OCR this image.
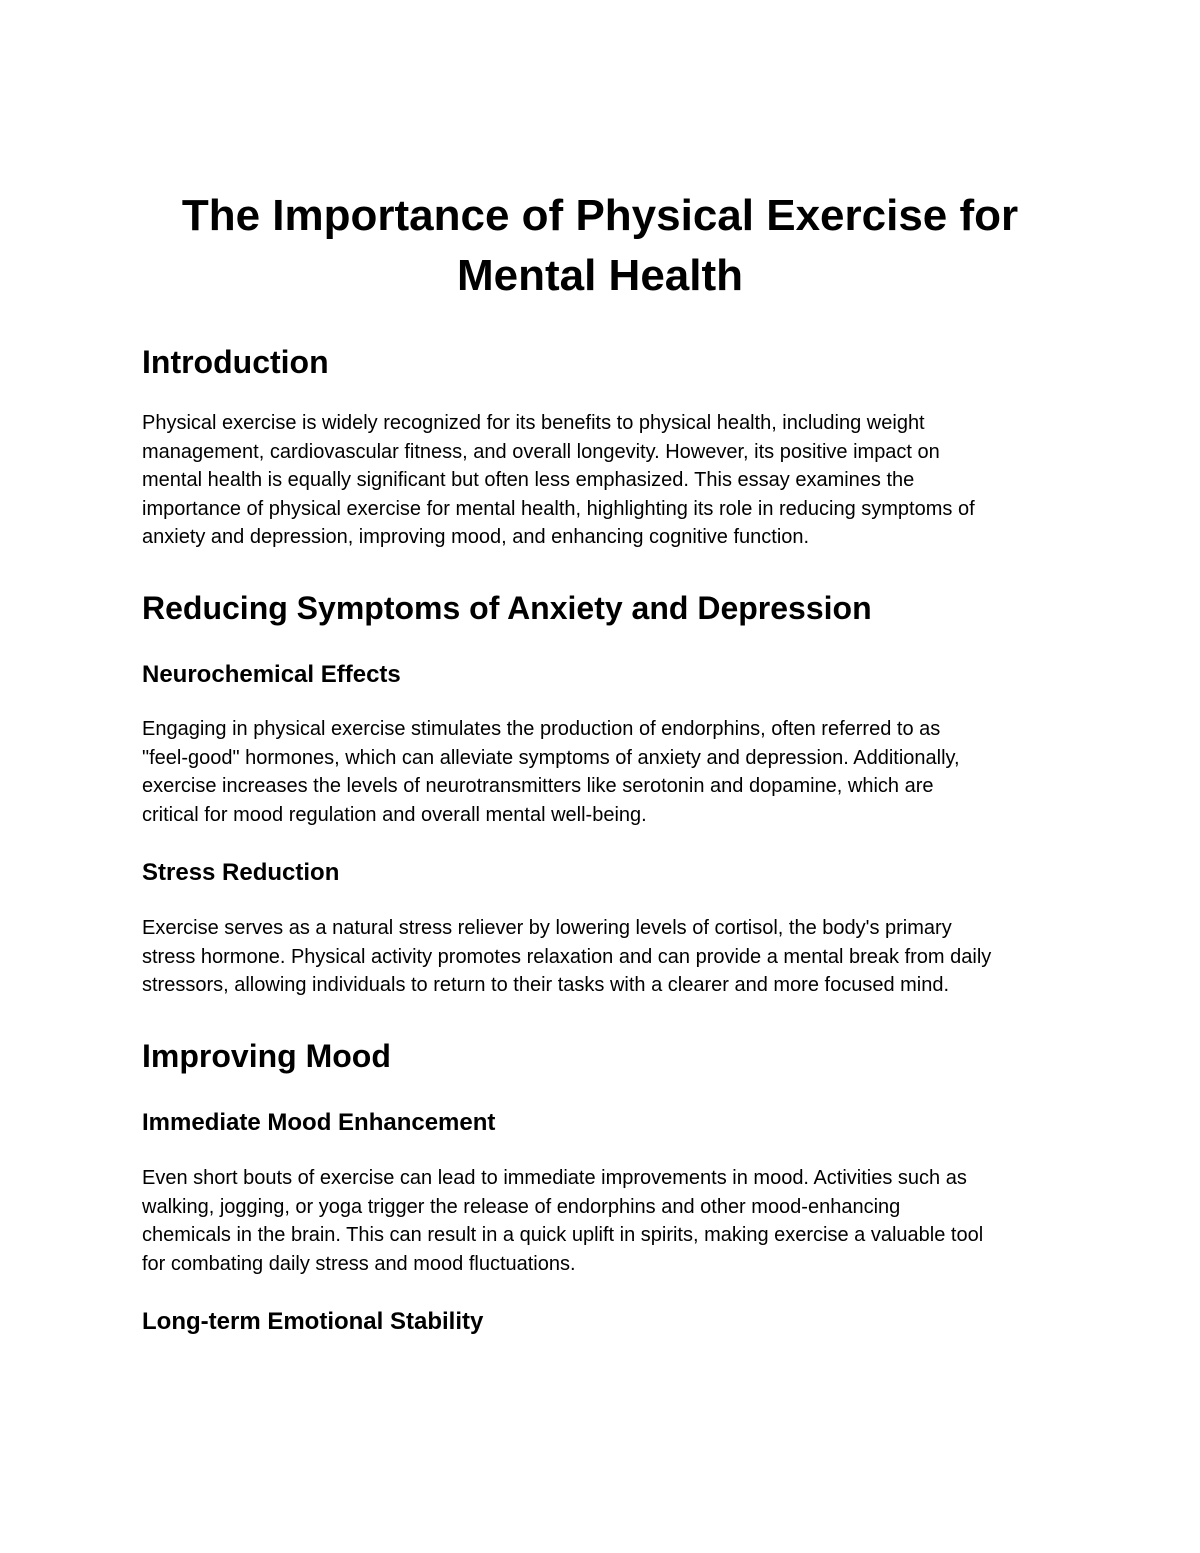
The Importance of Physical Exercise for Mental Health
Introduction

Physical exercise is widely recognized for its benefits to physical health, including weight
management, cardiovascular fitness, and overall longevity. However, its positive impact on
mental health is equally significant but often less emphasized. This essay examines the
importance of physical exercise for mental health, highlighting its role in reducing symptoms of
anxiety and depression, improving mood, and enhancing cognitive function.

Reducing Symptoms of Anxiety and Depression
Neurochemical Effects

Engaging in physical exercise stimulates the production of endorphins, often referred to as
"feel-good" hormones, which can alleviate symptoms of anxiety and depression. Additionally,
exercise increases the levels of neurotransmitters like serotonin and dopamine, which are
critical for mood regulation and overall mental well-being.

Stress Reduction

Exercise serves as a natural stress reliever by lowering levels of cortisol, the body's primary
stress hormone. Physical activity promotes relaxation and can provide a mental break from daily
stressors, allowing individuals to return to their tasks with a clearer and more focused mind.

Improving Mood
Immediate Mood Enhancement

Even short bouts of exercise can lead to immediate improvements in mood. Activities such as
walking, jogging, or yoga trigger the release of endorphins and other mood-enhancing
chemicals in the brain. This can result in a quick uplift in spirits, making exercise a valuable tool
for combating daily stress and mood fluctuations.

Long-term Emotional Stability
